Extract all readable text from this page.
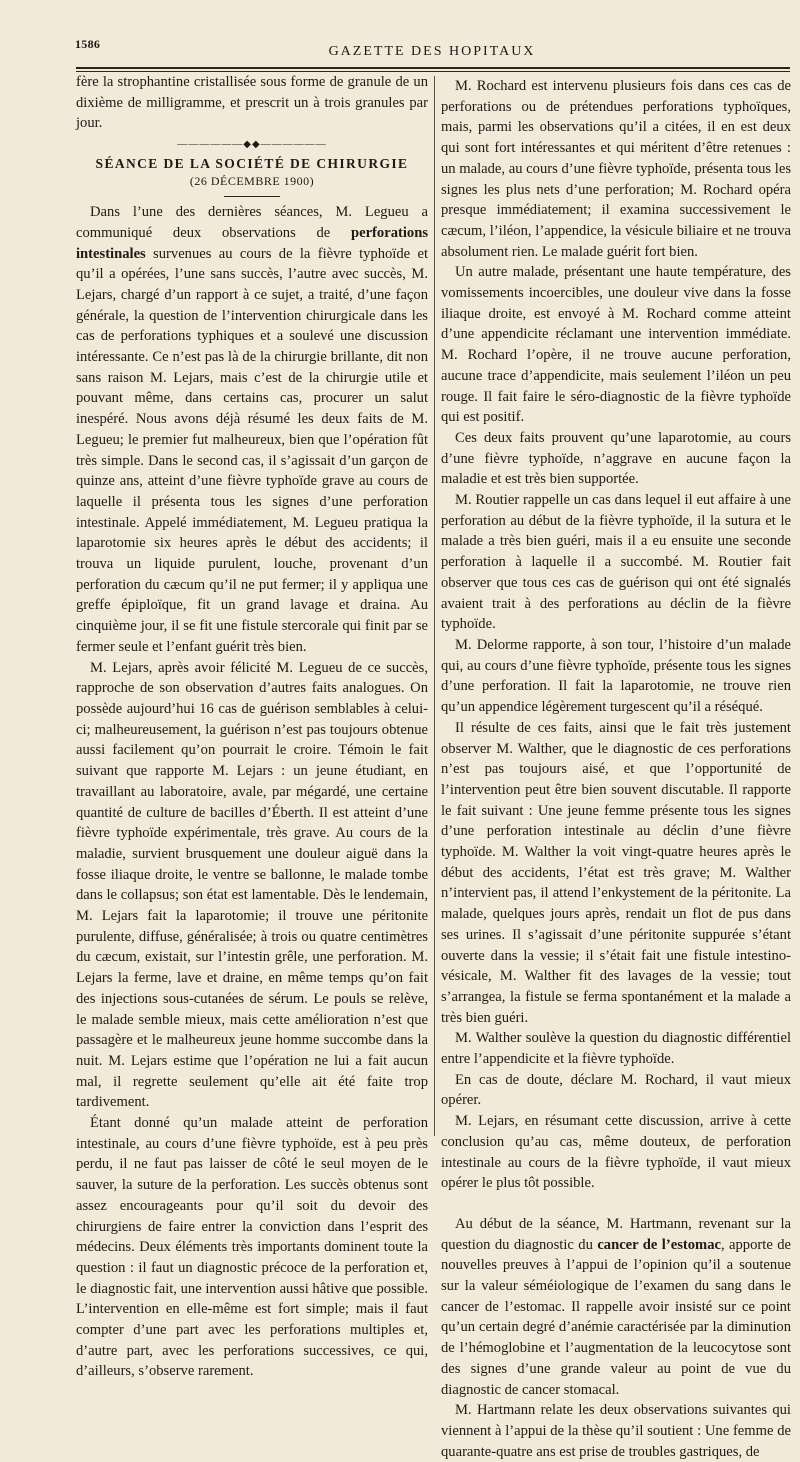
1586	GAZETTE DES HOPITAUX

fère la strophantine cristallisée sous forme de granule de un dixième de milligramme, et prescrit un à trois granules par jour.

——————◆◆——————
SÉANCE DE LA SOCIÉTÉ DE CHIRURGIE
(26 DÉCEMBRE 1900)

Dans l’une des dernières séances, M. Legueu a communiqué deux observations de perforations intestinales survenues au cours de la fièvre typhoïde et qu’il a opérées, l’une sans succès, l’autre avec succès, M. Lejars, chargé d’un rapport à ce sujet, a traité, d’une façon générale, la question de l’intervention chirurgicale dans les cas de perforations typhiques et a soulevé une discussion intéressante. Ce n’est pas là de la chirurgie brillante, dit non sans raison M. Lejars, mais c’est de la chirurgie utile et pouvant même, dans certains cas, procurer un salut inespéré. Nous avons déjà résumé les deux faits de M. Legueu; le premier fut malheureux, bien que l’opération fût très simple. Dans le second cas, il s’agissait d’un garçon de quinze ans, atteint d’une fièvre typhoïde grave au cours de laquelle il présenta tous les signes d’une perforation intestinale. Appelé immédiatement, M. Legueu pratiqua la laparotomie six heures après le début des accidents; il trouva un liquide purulent, louche, provenant d’un perforation du cæcum qu’il ne put fermer; il y appliqua une greffe épiploïque, fit un grand lavage et draina. Au cinquième jour, il se fit une fistule stercorale qui finit par se fermer seule et l’enfant guérit très bien.

M. Lejars, après avoir félicité M. Legueu de ce succès, rapproche de son observation d’autres faits analogues. On possède aujourd’hui 16 cas de guérison semblables à celui-ci; malheureusement, la guérison n’est pas toujours obtenue aussi facilement qu’on pourrait le croire. Témoin le fait suivant que rapporte M. Lejars : un jeune étudiant, en travaillant au laboratoire, avale, par mégardé, une certaine quantité de culture de bacilles d’Éberth. Il est atteint d’une fièvre typhoïde expérimentale, très grave. Au cours de la maladie, survient brusquement une douleur aiguë dans la fosse iliaque droite, le ventre se ballonne, le malade tombe dans le collapsus; son état est lamentable. Dès le lendemain, M. Lejars fait la laparotomie; il trouve une péritonite purulente, diffuse, généralisée; à trois ou quatre centimètres du cæcum, existait, sur l’intestin grêle, une perforation. M. Lejars la ferme, lave et draine, en même temps qu’on fait des injections sous-cutanées de sérum. Le pouls se relève, le malade semble mieux, mais cette amélioration n’est que passagère et le malheureux jeune homme succombe dans la nuit. M. Lejars estime que l’opération ne lui a fait aucun mal, il regrette seulement qu’elle ait été faite trop tardivement.

Étant donné qu’un malade atteint de perforation intestinale, au cours d’une fièvre typhoïde, est à peu près perdu, il ne faut pas laisser de côté le seul moyen de le sauver, la suture de la perforation. Les succès obtenus sont assez encourageants pour qu’il soit du devoir des chirurgiens de faire entrer la conviction dans l’esprit des médecins. Deux éléments très importants dominent toute la question : il faut un diagnostic précoce de la perforation et, le diagnostic fait, une intervention aussi hâtive que possible. L’intervention en elle-même est fort simple; mais il faut compter d’une part avec les perforations multiples et, d’autre part, avec les perforations successives, ce qui, d’ailleurs, s’observe rarement.

M. Rochard est intervenu plusieurs fois dans ces cas de perforations ou de prétendues perforations typhoïques, mais, parmi les observations qu’il a citées, il en est deux qui sont fort intéressantes et qui méritent d’être retenues : un malade, au cours d’une fièvre typhoïde, présenta tous les signes les plus nets d’une perforation; M. Rochard opéra presque immédiatement; il examina successivement le cæcum, l’iléon, l’appendice, la vésicule biliaire et ne trouva absolument rien. Le malade guérit fort bien.

Un autre malade, présentant une haute température, des vomissements incoercibles, une douleur vive dans la fosse iliaque droite, est envoyé à M. Rochard comme atteint d’une appendicite réclamant une intervention immédiate. M. Rochard l’opère, il ne trouve aucune perforation, aucune trace d’appendicite, mais seulement l’iléon un peu rouge. Il fait faire le séro-diagnostic de la fièvre typhoïde qui est positif.

Ces deux faits prouvent qu’une laparotomie, au cours d’une fièvre typhoïde, n’aggrave en aucune façon la maladie et est très bien supportée.

M. Routier rappelle un cas dans lequel il eut affaire à une perforation au début de la fièvre typhoïde, il la sutura et le malade a très bien guéri, mais il a eu ensuite une seconde perforation à laquelle il a succombé. M. Routier fait observer que tous ces cas de guérison qui ont été signalés avaient trait à des perforations au déclin de la fièvre typhoïde.

M. Delorme rapporte, à son tour, l’histoire d’un malade qui, au cours d’une fièvre typhoïde, présente tous les signes d’une perforation. Il fait la laparotomie, ne trouve rien qu’un appendice légèrement turgescent qu’il a réséqué.

Il résulte de ces faits, ainsi que le fait très justement observer M. Walther, que le diagnostic de ces perforations n’est pas toujours aisé, et que l’opportunité de l’intervention peut être bien souvent discutable. Il rapporte le fait suivant : Une jeune femme présente tous les signes d’une perforation intestinale au déclin d’une fièvre typhoïde. M. Walther la voit vingt-quatre heures après le début des accidents, l’état est très grave; M. Walther n’intervient pas, il attend l’enkystement de la péritonite. La malade, quelques jours après, rendait un flot de pus dans ses urines. Il s’agissait d’une péritonite suppurée s’étant ouverte dans la vessie; il s’était fait une fistule intestino-vésicale, M. Walther fit des lavages de la vessie; tout s’arrangea, la fistule se ferma spontanément et la malade a très bien guéri.

M. Walther soulève la question du diagnostic différentiel entre l’appendicite et la fièvre typhoïde.

En cas de doute, déclare M. Rochard, il vaut mieux opérer.

M. Lejars, en résumant cette discussion, arrive à cette conclusion qu’au cas, même douteux, de perforation intestinale au cours de la fièvre typhoïde, il vaut mieux opérer le plus tôt possible.

Au début de la séance, M. Hartmann, revenant sur la question du diagnostic du cancer de l’estomac, apporte de nouvelles preuves à l’appui de l’opinion qu’il a soutenue sur la valeur séméiologique de l’examen du sang dans le cancer de l’estomac. Il rappelle avoir insisté sur ce point qu’un certain degré d’anémie caractérisée par la diminution de l’hémoglobine et l’augmentation de la leucocytose sont des signes d’une grande valeur au point de vue du diagnostic de cancer stomacal.

M. Hartmann relate les deux observations suivantes qui viennent à l’appui de la thèse qu’il soutient : Une femme de quarante-quatre ans est prise de troubles gastriques, de
